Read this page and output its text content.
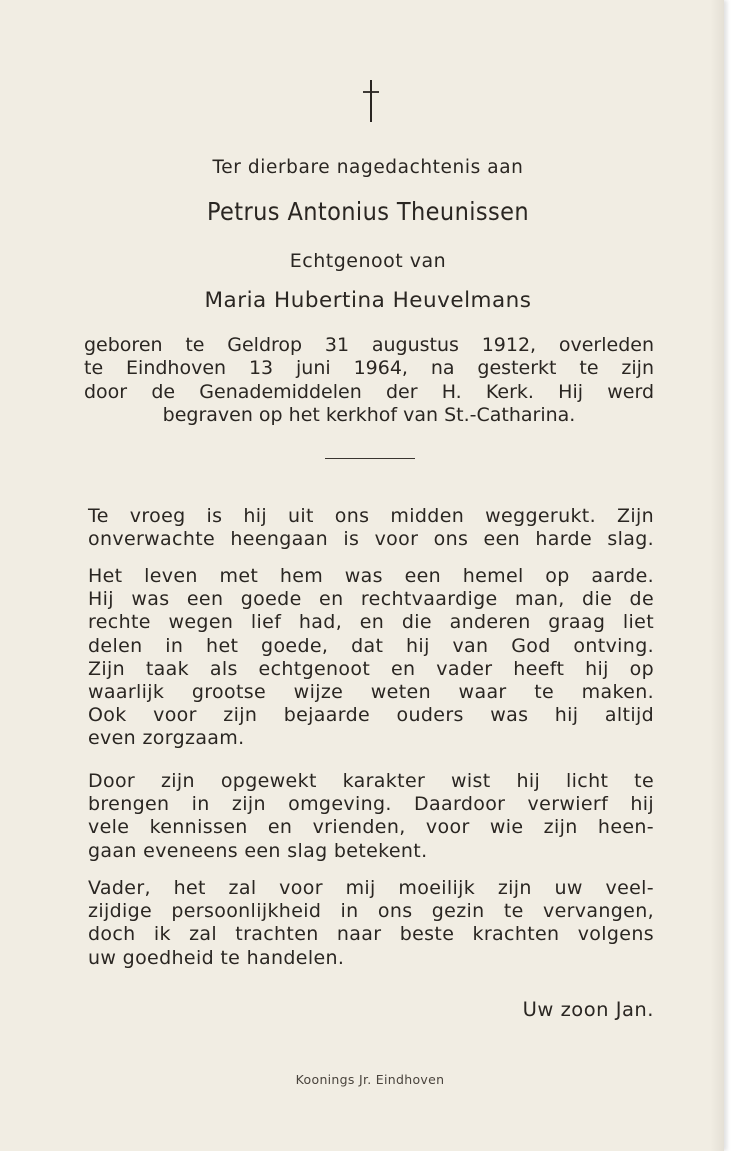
Ter dierbare nagedachtenis aan
Petrus Antonius Theunissen
Echtgenoot van
Maria Hubertina Heuvelmans
geboren te Geldrop 31 augustus 1912, overleden
te Eindhoven 13 juni 1964, na gesterkt te zijn
door de Genademiddelen der H. Kerk. Hij werd
begraven op het kerkhof van St.-Catharina.
Te vroeg is hij uit ons midden weggerukt. Zijn
onverwachte heengaan is voor ons een harde slag.
Het leven met hem was een hemel op aarde.
Hij was een goede en rechtvaardige man, die de
rechte wegen lief had, en die anderen graag liet
delen in het goede, dat hij van God ontving.
Zijn taak als echtgenoot en vader heeft hij op
waarlijk grootse wijze weten waar te maken.
Ook voor zijn bejaarde ouders was hij altijd
even zorgzaam.
Door zijn opgewekt karakter wist hij licht te
brengen in zijn omgeving. Daardoor verwierf hij
vele kennissen en vrienden, voor wie zijn heen-
gaan eveneens een slag betekent.
Vader, het zal voor mij moeilijk zijn uw veel-
zijdige persoonlijkheid in ons gezin te vervangen,
doch ik zal trachten naar beste krachten volgens
uw goedheid te handelen.
Uw zoon Jan.
Koonings Jr. Eindhoven
